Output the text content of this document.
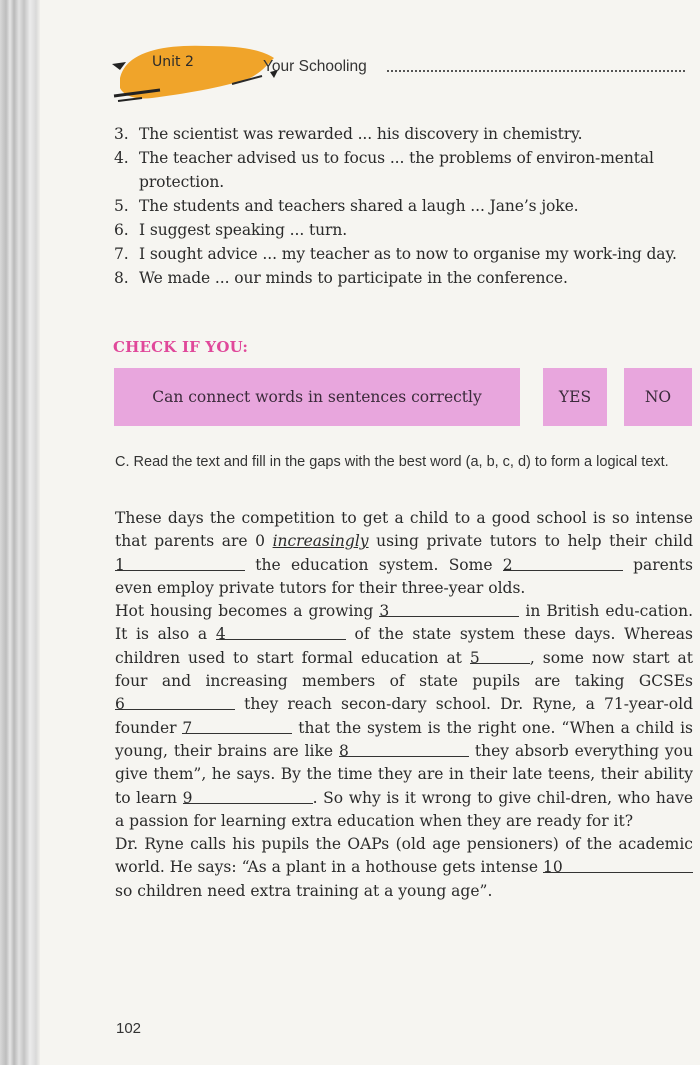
Unit 2	Your Schooling
3. The scientist was rewarded ... his discovery in chemistry.
4. The teacher advised us to focus ... the problems of environ-mental protection.
5. The students and teachers shared a laugh ... Jane’s joke.
6. I suggest speaking ... turn.
7. I sought advice ... my teacher as to now to organise my work-ing day.
8. We made ... our minds to participate in the conference.
CHECK IF YOU:
Can connect words in sentences correctly	YES	NO
C. Read the text and fill in the gaps with the best word (a, b, c, d) to form a logical text.

These days the competition to get a child to a good school is so intense that parents are 0 increasingly using private tutors to help their child 1	the education system. Some 2	parents even employ private tutors for their three-year olds.

Hot housing becomes a growing 3	in British edu-cation. It is also a 4	of the state system these days. Whereas children used to start formal education at 5	, some now start at four and increasing members of state pupils are taking GCSEs 6	they reach secon-dary school. Dr. Ryne, a 71-year-old founder 7	that the system is the right one. “When a child is young, their brains are like 8	they absorb everything you give them”, he says. By the time they are in their late teens, their ability to learn 9	. So why is it wrong to give chil-dren, who have a passion for learning extra education when they are ready for it?

Dr. Ryne calls his pupils the OAPs (old age pensioners) of the academic world. He says: “As a plant in a hothouse gets intense 10 so children need extra training at a young age”.

102
